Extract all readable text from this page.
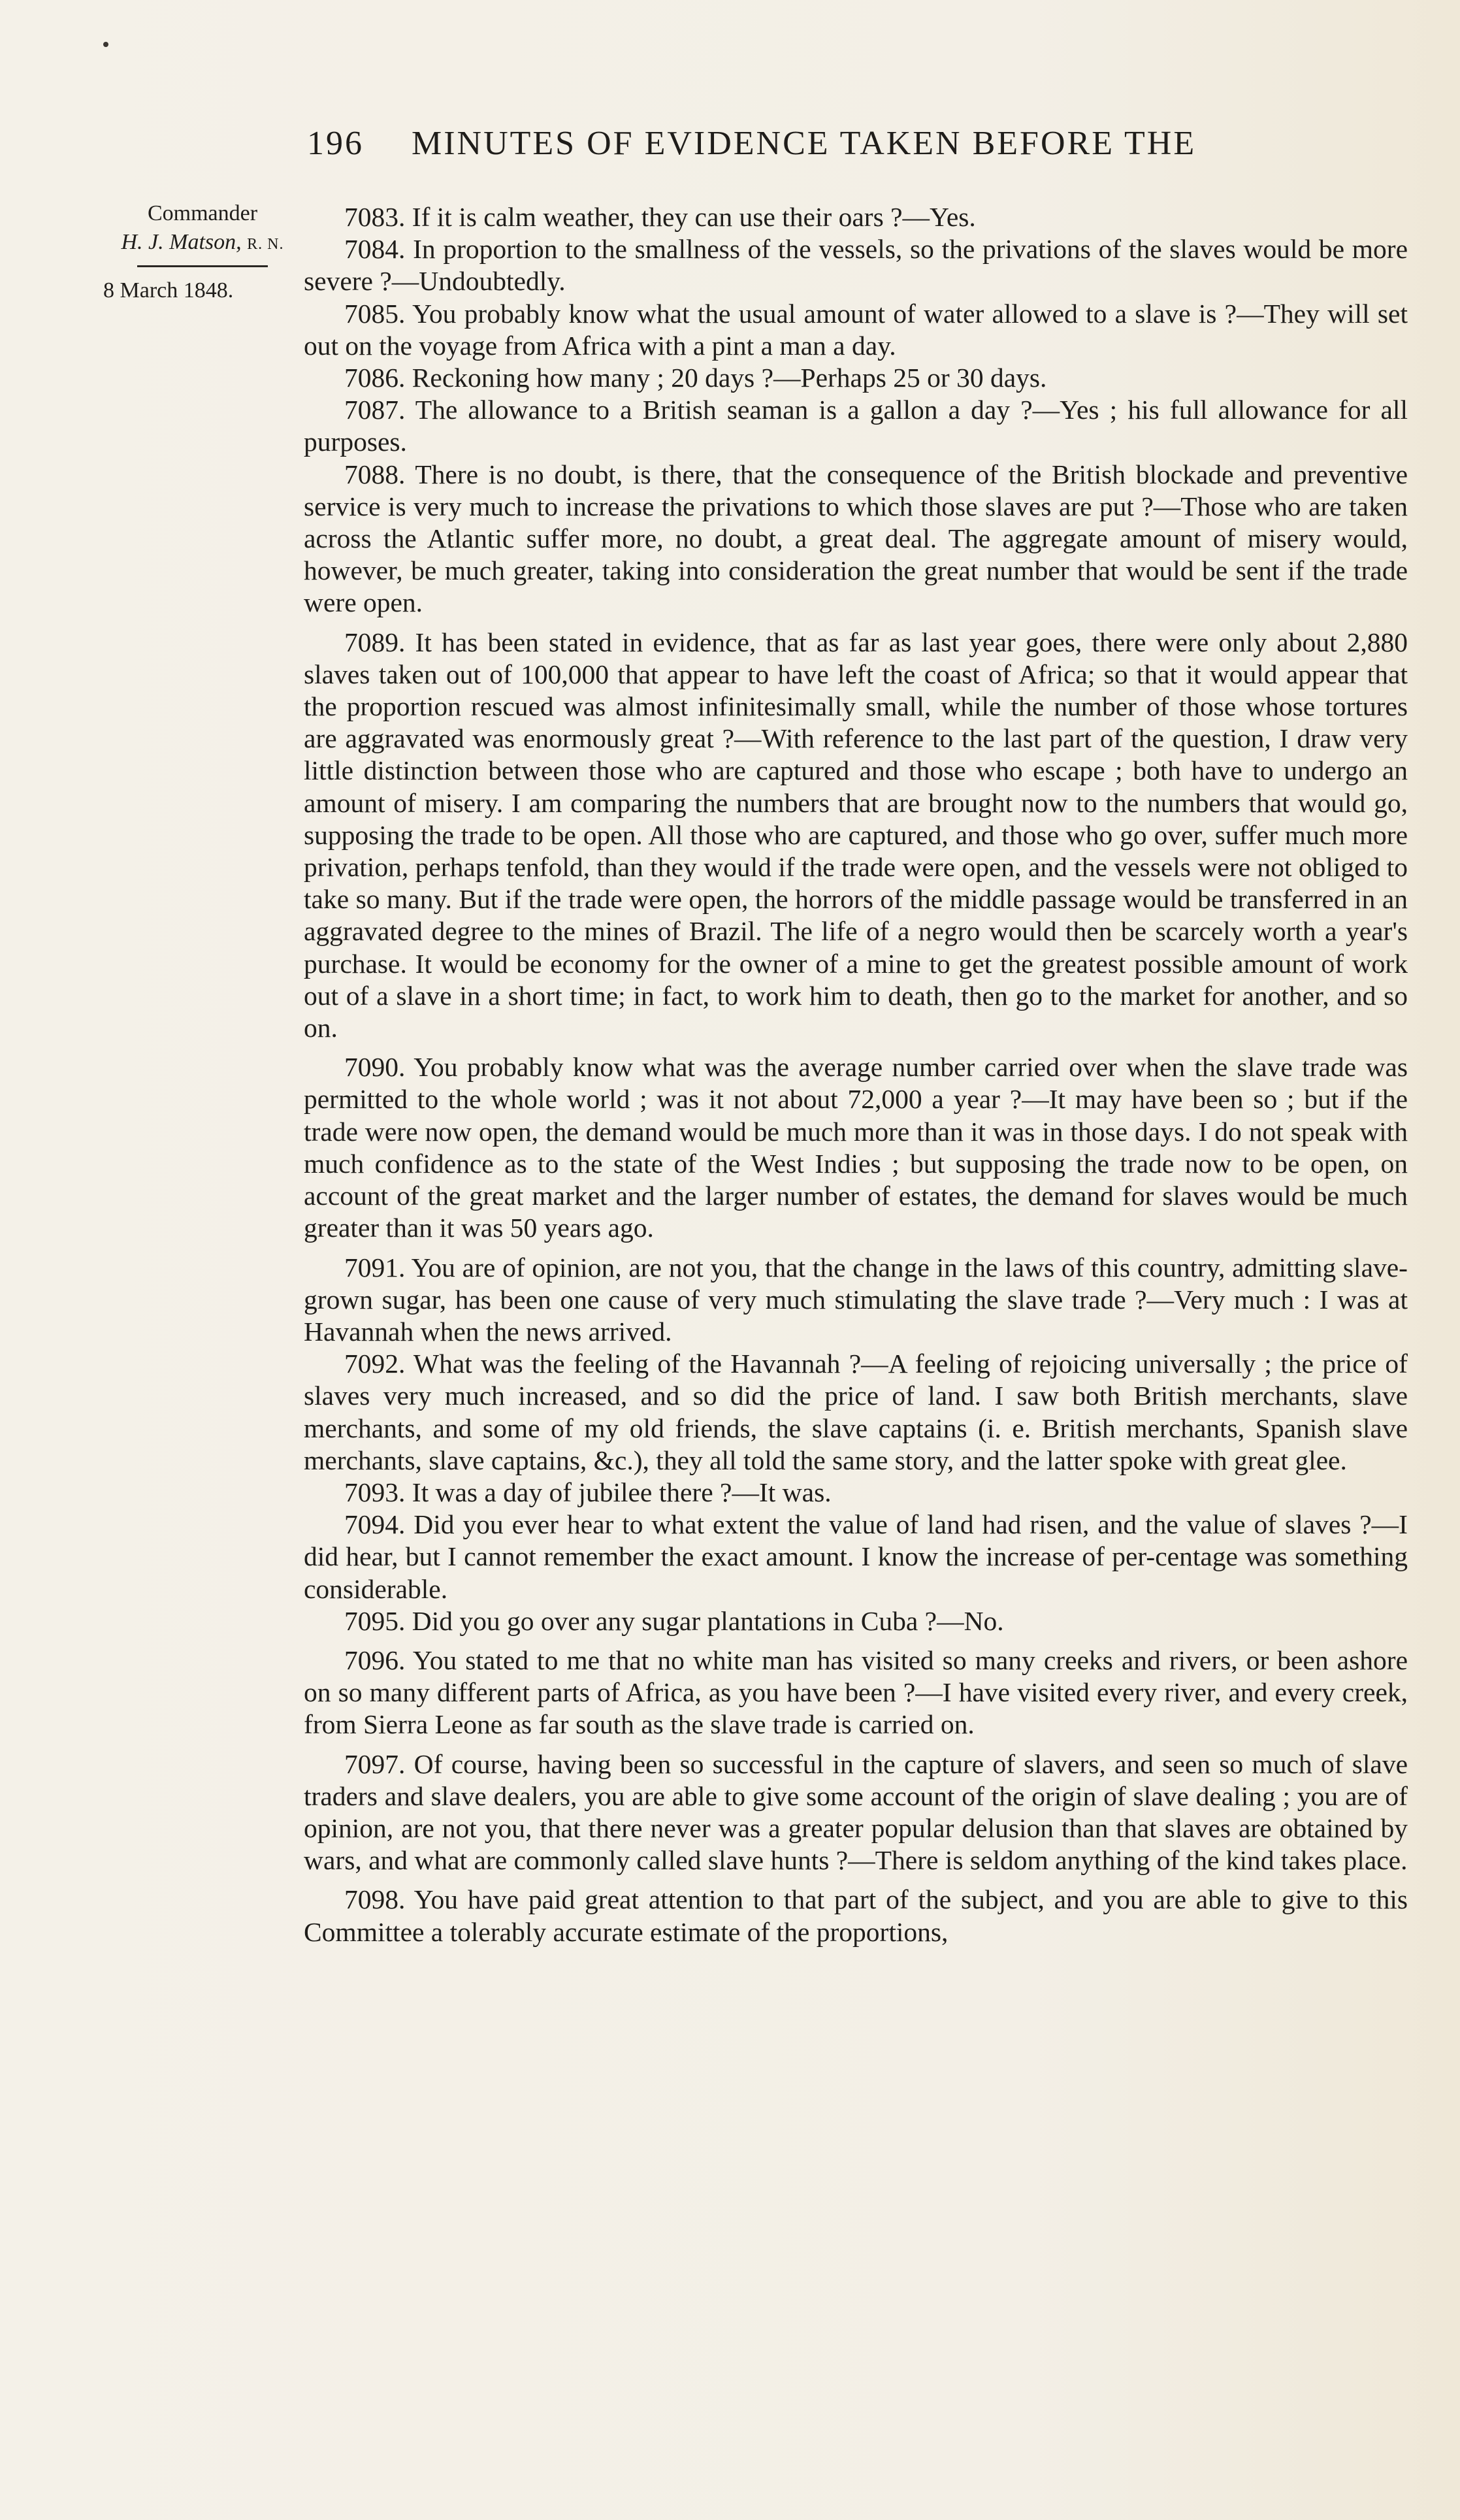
196 MINUTES OF EVIDENCE TAKEN BEFORE THE
Commander
H. J. Matson, R. N.
8 March 1848.

7083. If it is calm weather, they can use their oars ?—Yes.

7084. In proportion to the smallness of the vessels, so the privations of the slaves would be more severe ?—Undoubtedly.

7085. You probably know what the usual amount of water allowed to a slave is ?—They will set out on the voyage from Africa with a pint a man a day.

7086. Reckoning how many ; 20 days ?—Perhaps 25 or 30 days.

7087. The allowance to a British seaman is a gallon a day ?—Yes ; his full allowance for all purposes.

7088. There is no doubt, is there, that the consequence of the British blockade and preventive service is very much to increase the privations to which those slaves are put ?—Those who are taken across the Atlantic suffer more, no doubt, a great deal. The aggregate amount of misery would, however, be much greater, taking into consideration the great number that would be sent if the trade were open.

7089. It has been stated in evidence, that as far as last year goes, there were only about 2,880 slaves taken out of 100,000 that appear to have left the coast of Africa; so that it would appear that the proportion rescued was almost infinitesimally small, while the number of those whose tortures are aggravated was enormously great ?—With reference to the last part of the question, I draw very little distinction between those who are captured and those who escape ; both have to undergo an amount of misery. I am comparing the numbers that are brought now to the numbers that would go, supposing the trade to be open. All those who are captured, and those who go over, suffer much more privation, perhaps tenfold, than they would if the trade were open, and the vessels were not obliged to take so many. But if the trade were open, the horrors of the middle passage would be transferred in an aggravated degree to the mines of Brazil. The life of a negro would then be scarcely worth a year's purchase. It would be economy for the owner of a mine to get the greatest possible amount of work out of a slave in a short time; in fact, to work him to death, then go to the market for another, and so on.

7090. You probably know what was the average number carried over when the slave trade was permitted to the whole world ; was it not about 72,000 a year ?—It may have been so ; but if the trade were now open, the demand would be much more than it was in those days. I do not speak with much confidence as to the state of the West Indies ; but supposing the trade now to be open, on account of the great market and the larger number of estates, the demand for slaves would be much greater than it was 50 years ago.

7091. You are of opinion, are not you, that the change in the laws of this country, admitting slave-grown sugar, has been one cause of very much stimulating the slave trade ?—Very much : I was at Havannah when the news arrived.

7092. What was the feeling of the Havannah ?—A feeling of rejoicing universally ; the price of slaves very much increased, and so did the price of land. I saw both British merchants, slave merchants, and some of my old friends, the slave captains (i. e. British merchants, Spanish slave merchants, slave captains, &c.), they all told the same story, and the latter spoke with great glee.

7093. It was a day of jubilee there ?—It was.

7094. Did you ever hear to what extent the value of land had risen, and the value of slaves ?—I did hear, but I cannot remember the exact amount. I know the increase of per-centage was something considerable.

7095. Did you go over any sugar plantations in Cuba ?—No.

7096. You stated to me that no white man has visited so many creeks and rivers, or been ashore on so many different parts of Africa, as you have been ?—I have visited every river, and every creek, from Sierra Leone as far south as the slave trade is carried on.

7097. Of course, having been so successful in the capture of slavers, and seen so much of slave traders and slave dealers, you are able to give some account of the origin of slave dealing ; you are of opinion, are not you, that there never was a greater popular delusion than that slaves are obtained by wars, and what are commonly called slave hunts ?—There is seldom anything of the kind takes place.

7098. You have paid great attention to that part of the subject, and you are able to give to this Committee a tolerably accurate estimate of the proportions,
